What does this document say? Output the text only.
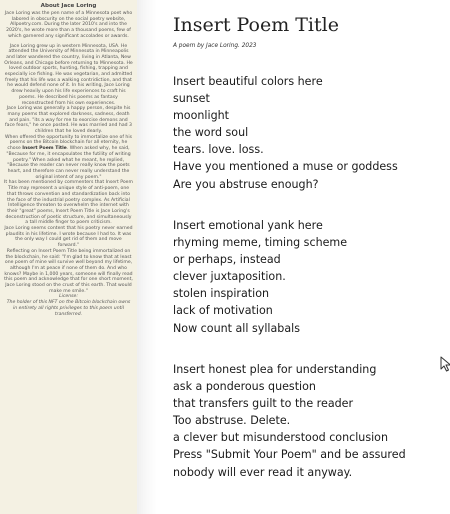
About Jace Loring

Jace Loring was the pen name of a Minnesota poet who labored in obscurity on the social poetry website, Allpoetry.com. During the later 2010's and into the 2020's, he wrote more than a thousand poems, few of which garnered any significant accolades or awards.

Jace Loring grew up in western Minnesota, USA. He attended the University of Minnesota in Minneapolis and later wandered the country, living in Atlanta, New Orleans, and Chicago before returning to Minnesota. He loved outdoor sports, hunting, fishing, trapping and especially ice fishing. He was vegetarian, and admitted freely that his life was a walking contridiction, and that he would defend none of it. In his writing, Jace Loring drew heavily upon his life experiences to craft his poems. He described his poems as fantasy reconstructed from his own experiences.

Jace Loring was generally a happy person, despite his many poems that explored darkness, sadness, death and pain. "its a way for me to exorcise demons and face fears," he once posted. He was married and had 3 children that he loved dearly.

When offered the opportunity to immortalize one of his poems on the Bitcoin blockchain for all eternity, he chose Insert Poem Title. When asked why, he said, "Because for me, it encapsulates the futility of writing poetry." When asked what he meant, he replied, "Because the reader can never really know the poets heart, and therefore can never really understand the original intent of any poem."

It has been mentioned by commenters that Insert Poem Title may represent a unique style of anti-poem, one that throws convention and standardization back into the face of the industrial poetry complex. As Artificial Intelligence threaten to overwhelm the internet with their "great" poems, Insert Poem Title is Jace Loring's deconstruction of poetic structure, and simultaneously a tall middle finger to poem criticism.

Jace Loring seems content that his poetry never earned plaudits in his lifetime. I wrote because I had to. It was the only way I could get rid of them and move forward."

Reflecting on Insert Poem Title being immortalized on the blockchain, he said: "I'm glad to know that at least one poem of mine will survive well beyond my lifetime, although I'm at peace if none of them do. And who knows? Maybe in 1,000 years, someone will finally read this poem and acknowledge that for one short moment, Jace Loring stood on the crust of this earth. That would make me smile."

License:

The holder of this NFT on the Bitcoin blockchain owns in entirety all rights privileges to this poem until transferred.

Insert Poem Title
A poem by Jace Loring. 2023
Insert beautiful colors here
sunset
moonlight
the word soul
tears. love. loss.
Have you mentioned a muse or goddess
Are you abstruse enough?
Insert emotional yank here
rhyming meme, timing scheme
or perhaps, instead
clever juxtaposition.
stolen inspiration
lack of motivation
Now count all syllabals
Insert honest plea for understanding
ask a ponderous question
that transfers guilt to the reader
Too abstruse. Delete.
a clever but misunderstood conclusion
Press "Submit Your Poem" and be assured
nobody will ever read it anyway.
